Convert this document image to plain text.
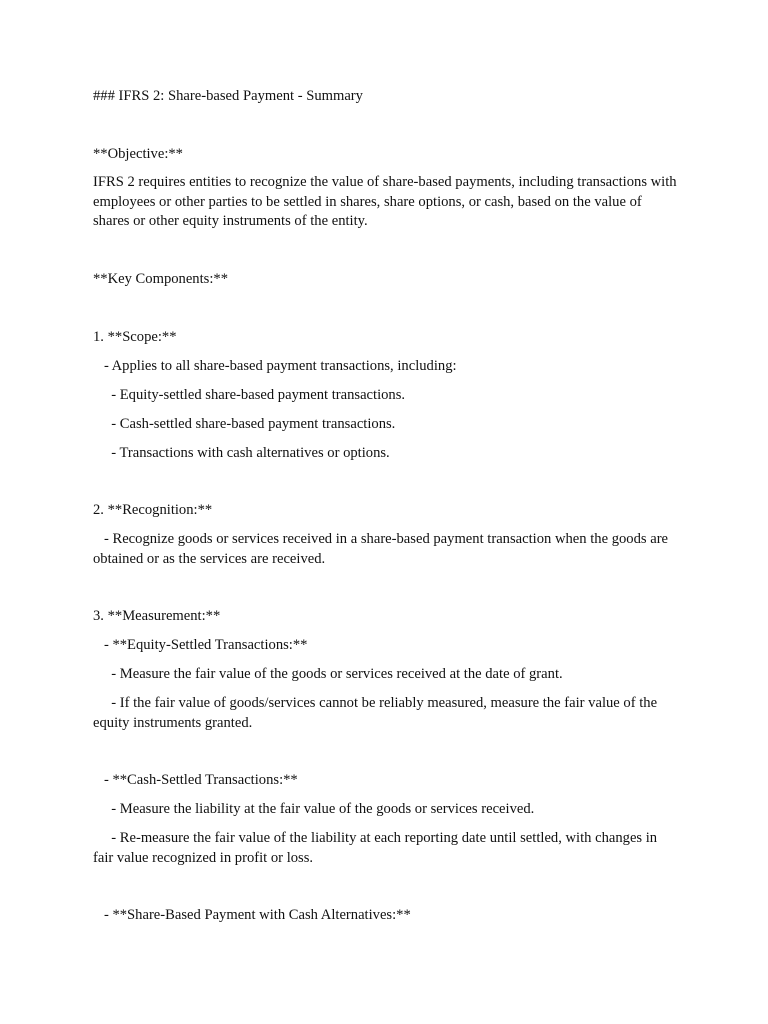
### IFRS 2: Share-based Payment - Summary
**Objective:**
IFRS 2 requires entities to recognize the value of share-based payments, including transactions with employees or other parties to be settled in shares, share options, or cash, based on the value of shares or other equity instruments of the entity.
**Key Components:**
1. **Scope:**
- Applies to all share-based payment transactions, including:
- Equity-settled share-based payment transactions.
- Cash-settled share-based payment transactions.
- Transactions with cash alternatives or options.
2. **Recognition:**
- Recognize goods or services received in a share-based payment transaction when the goods are obtained or as the services are received.
3. **Measurement:**
- **Equity-Settled Transactions:**
- Measure the fair value of the goods or services received at the date of grant.
- If the fair value of goods/services cannot be reliably measured, measure the fair value of the equity instruments granted.
- **Cash-Settled Transactions:**
- Measure the liability at the fair value of the goods or services received.
- Re-measure the fair value of the liability at each reporting date until settled, with changes in fair value recognized in profit or loss.
- **Share-Based Payment with Cash Alternatives:**
